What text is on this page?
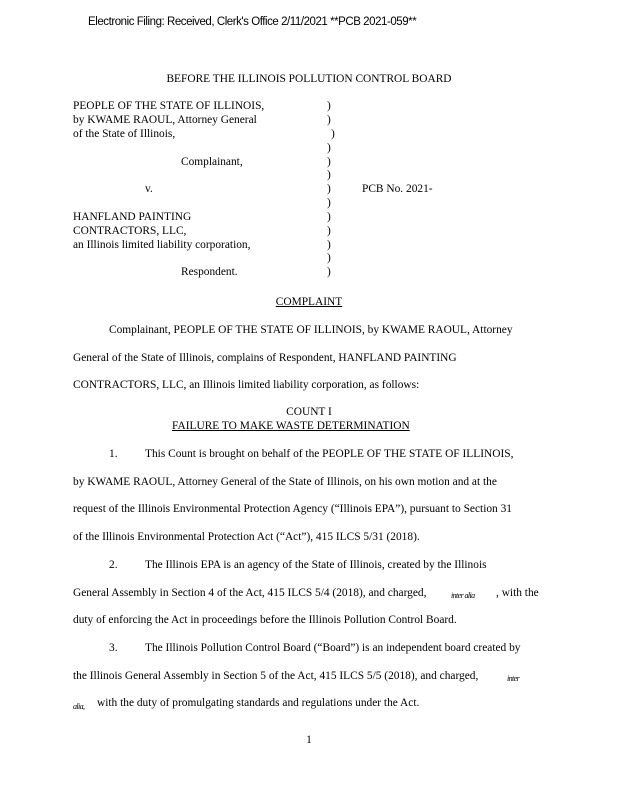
Electronic Filing: Received, Clerk's Office 2/11/2021 **PCB 2021-059**
BEFORE THE ILLINOIS POLLUTION CONTROL BOARD
PEOPLE OF THE STATE OF ILLINOIS,
by KWAME RAOUL, Attorney General
of the State of Illinois,
Complainant,
v.
HANFLAND PAINTING
CONTRACTORS, LLC,
an Illinois limited liability corporation,
Respondent.
PCB No. 2021-
)
)
)
)
)
)
)
)
)
)
)
)
)
COMPLAINT
Complainant, PEOPLE OF THE STATE OF ILLINOIS, by KWAME RAOUL, Attorney
General of the State of Illinois, complains of Respondent, HANFLAND PAINTING
CONTRACTORS, LLC, an Illinois limited liability corporation, as follows:
COUNT I
FAILURE TO MAKE WASTE DETERMINATION
1. This Count is brought on behalf of the PEOPLE OF THE STATE OF ILLINOIS,
by KWAME RAOUL, Attorney General of the State of Illinois, on his own motion and at the
request of the Illinois Environmental Protection Agency (“Illinois EPA”), pursuant to Section 31
of the Illinois Environmental Protection Act (“Act”), 415 ILCS 5/31 (2018).
2. The Illinois EPA is an agency of the State of Illinois, created by the Illinois
General Assembly in Section 4 of the Act, 415 ILCS 5/4 (2018), and charged,	inter alia , with the
duty of enforcing the Act in proceedings before the Illinois Pollution Control Board.
3. The Illinois Pollution Control Board (“Board”) is an independent board created by
the Illinois General Assembly in Section 5 of the Act, 415 ILCS 5/5 (2018), and charged,	inter
alia, with the duty of promulgating standards and regulations under the Act.
1
